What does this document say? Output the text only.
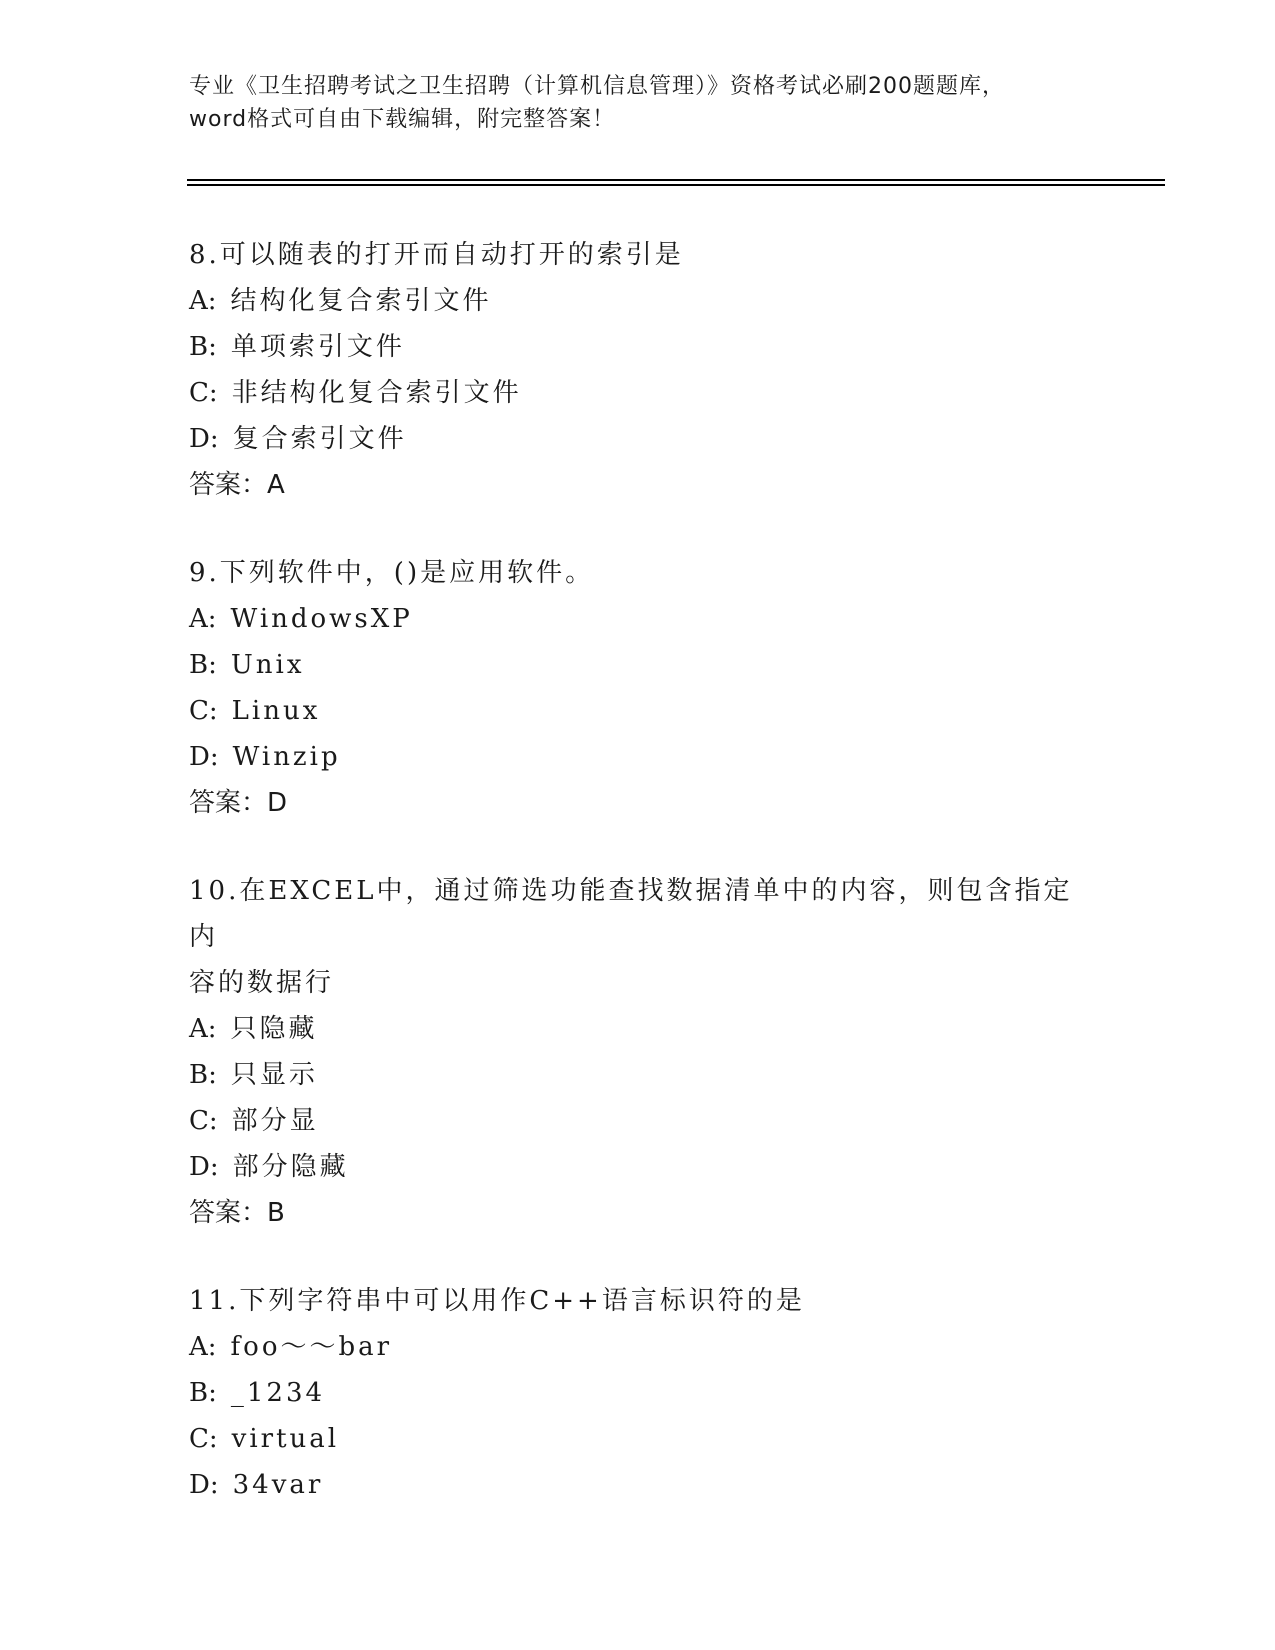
专业《卫生招聘考试之卫生招聘（计算机信息管理）》资格考试必刷200题题库，

word格式可自由下载编辑，附完整答案！

8.可以随表的打开而自动打开的索引是

A: 结构化复合索引文件

B: 单项索引文件

C: 非结构化复合索引文件

D: 复合索引文件

答案：A

9.下列软件中，()是应用软件。

A: WindowsXP

B: Unix

C: Linux

D: Winzip

答案：D

10.在EXCEL中，通过筛选功能查找数据清单中的内容，则包含指定内

容的数据行

A: 只隐藏

B: 只显示

C: 部分显

D: 部分隐藏

答案：B

11.下列字符串中可以用作C++语言标识符的是

A: foo～～bar

B: _1234

C: virtual

D: 34var
